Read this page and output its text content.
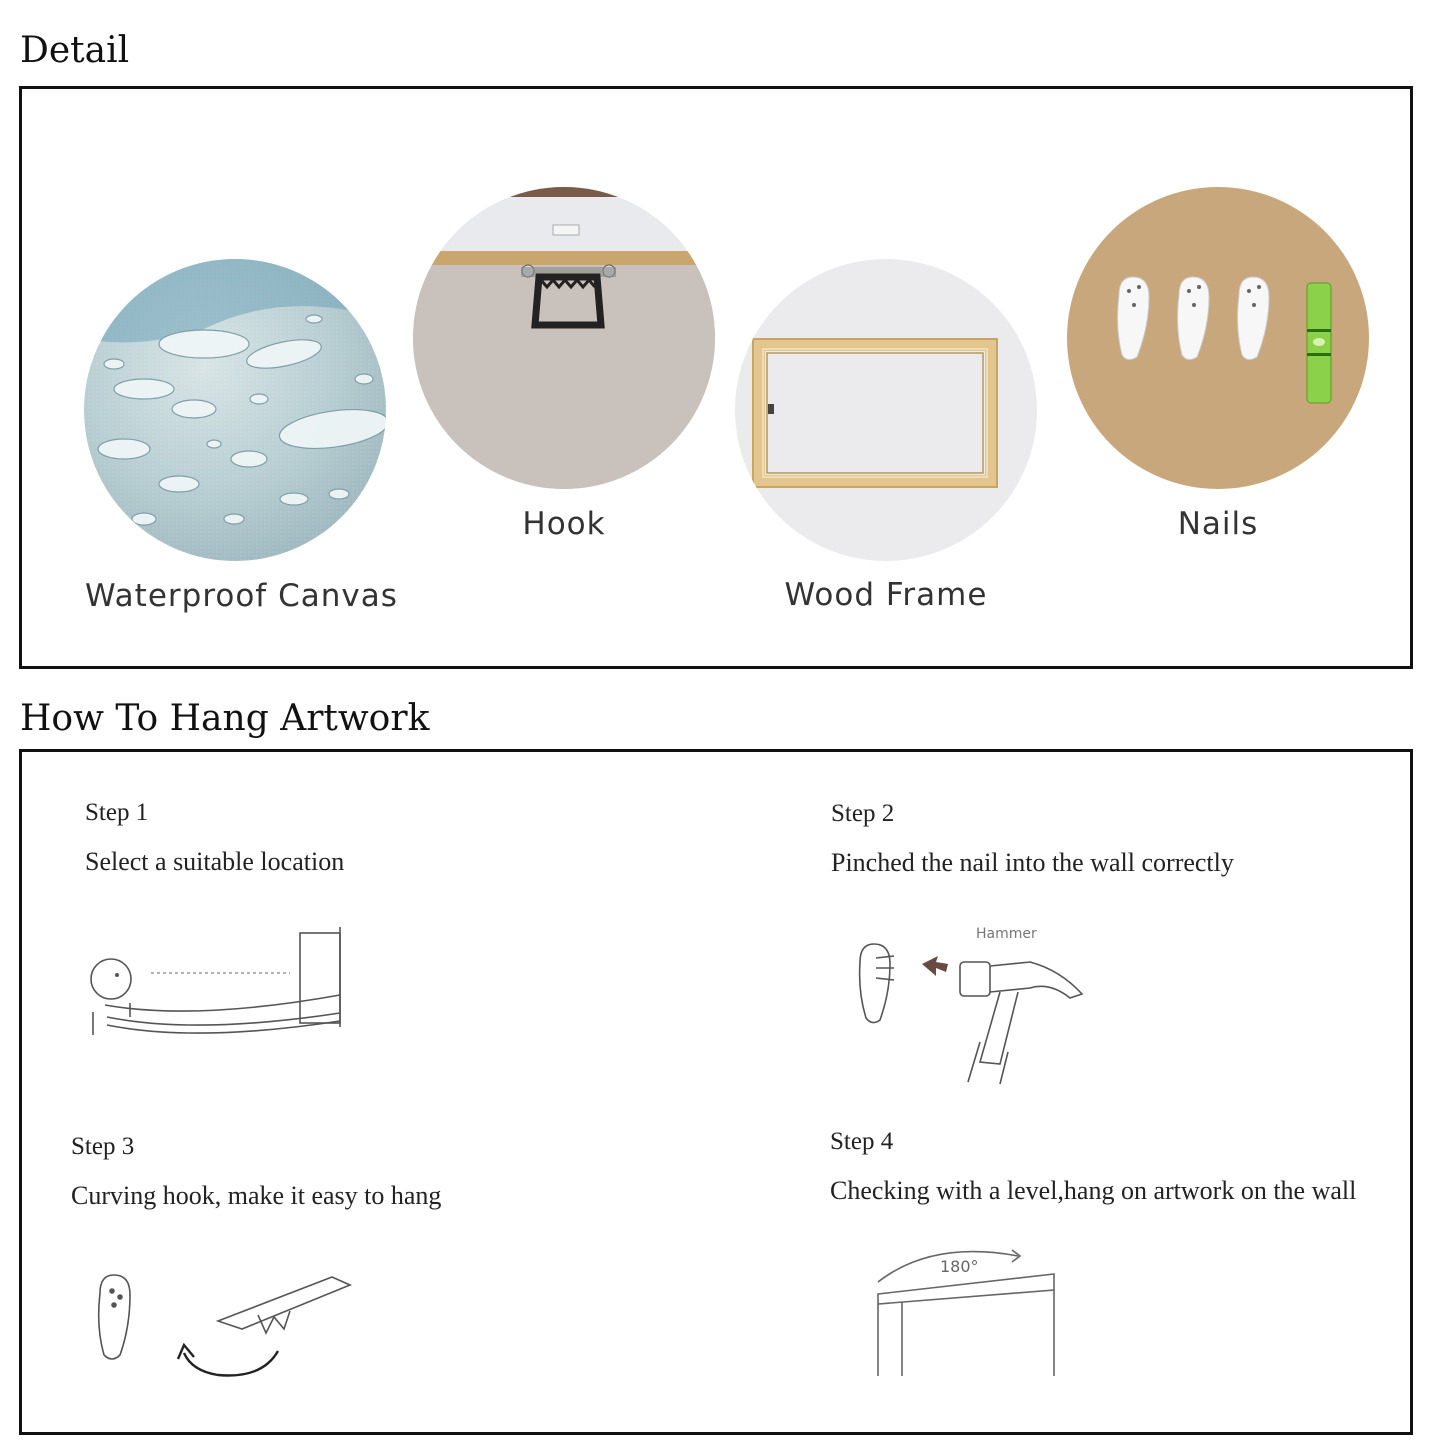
Detail
Waterproof Canvas
Hook
Wood Frame
Nails
How To Hang Artwork
Step 1
Select a suitable location
Step 2
Pinched the nail into the wall correctly
Hammer
Step 3
Curving hook, make it easy to hang
Step 4
Checking with a level,hang on artwork on the wall
180°
